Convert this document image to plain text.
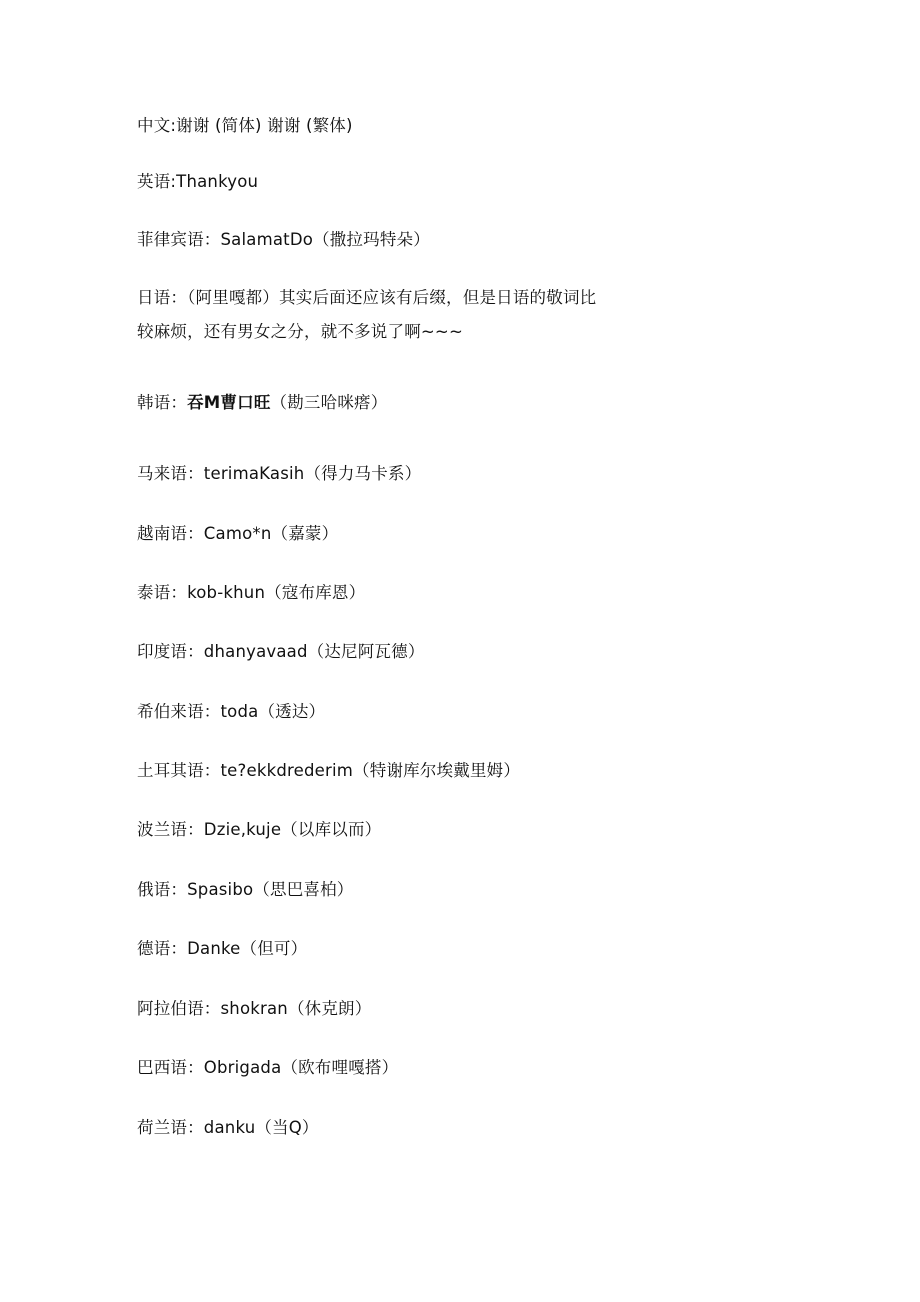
中文:谢谢 (简体) 谢谢 (繁体)
英语:Thankyou
菲律宾语：SalamatDo（撒拉玛特朵）
日语：（阿里嘎都）其实后面还应该有后缀，但是日语的敬词比
较麻烦，还有男女之分，就不多说了啊~~~
韩语：吞M曹口旺（勘三哈咪瘩）
马来语：terimaKasih（得力马卡系）
越南语：Camo*n（嘉蒙）
泰语：kob-khun（寇布库恩）
印度语：dhanyavaad（达尼阿瓦德）
希伯来语：toda（透达）
土耳其语：te?ekkdrederim（特谢库尔埃戴里姆）
波兰语：Dzie,kuje（以库以而）
俄语：Spasibo（思巴喜柏）
德语：Danke（但可）
阿拉伯语：shokran（休克朗）
巴西语：Obrigada（欧布哩嘎搭）
荷兰语：danku（当Q）
